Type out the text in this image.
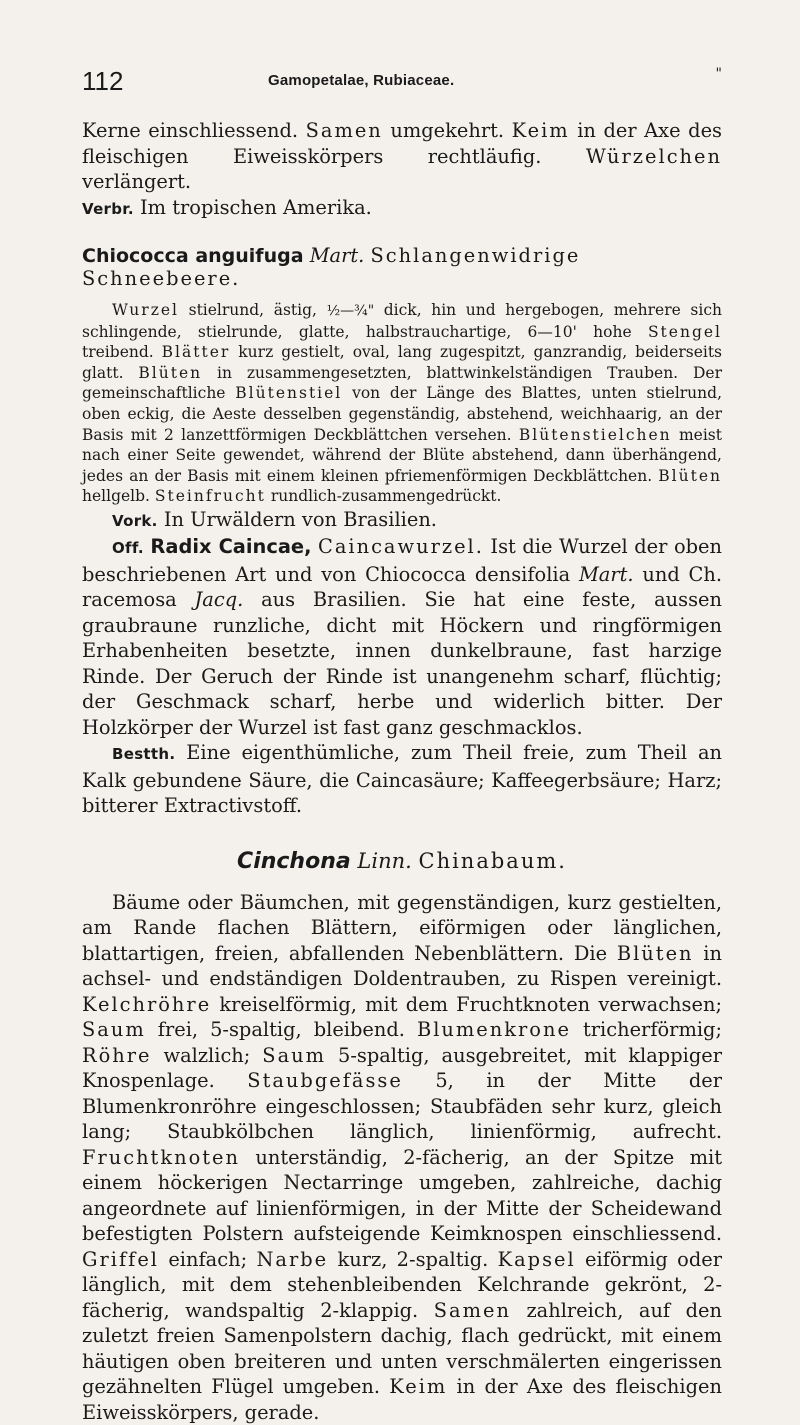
112	Gamopetalae, Rubiaceae.	"

Kerne einschliessend. Samen umgekehrt. Keim in der Axe des fleischigen Eiweisskörpers rechtläufig. Würzelchen verlängert.

Verbr. Im tropischen Amerika.

Chiococca anguifuga Mart. Schlangenwidrige Schneebeere.

Wurzel stielrund, ästig, ½—¾" dick, hin und hergebogen, mehrere sich schlingende, stielrunde, glatte, halbstrauchartige, 6—10' hohe Stengel treibend. Blätter kurz gestielt, oval, lang zugespitzt, ganzrandig, beiderseits glatt. Blüten in zusammengesetzten, blattwinkelständigen Trauben. Der gemeinschaftliche Blütenstiel von der Länge des Blattes, unten stielrund, oben eckig, die Aeste desselben gegenständig, abstehend, weichhaarig, an der Basis mit 2 lanzettförmigen Deckblättchen versehen. Blütenstielchen meist nach einer Seite gewendet, während der Blüte abstehend, dann überhängend, jedes an der Basis mit einem kleinen pfriemenförmigen Deckblättchen. Blüten hellgelb. Steinfrucht rundlich-zusammengedrückt.

Vork. In Urwäldern von Brasilien.

Off. Radix Caincae, Caincawurzel. Ist die Wurzel der oben beschriebenen Art und von Chiococca densifolia Mart. und Ch. racemosa Jacq. aus Brasilien. Sie hat eine feste, aussen graubraune runzliche, dicht mit Höckern und ringförmigen Erhabenheiten besetzte, innen dunkelbraune, fast harzige Rinde. Der Geruch der Rinde ist unangenehm scharf, flüchtig; der Geschmack scharf, herbe und widerlich bitter. Der Holzkörper der Wurzel ist fast ganz geschmacklos.

Bestth. Eine eigenthümliche, zum Theil freie, zum Theil an Kalk gebundene Säure, die Caincasäure; Kaffeegerbsäure; Harz; bitterer Extractivstoff.

Cinchona Linn. Chinabaum.

Bäume oder Bäumchen, mit gegenständigen, kurz gestielten, am Rande flachen Blättern, eiförmigen oder länglichen, blattartigen, freien, abfallenden Nebenblättern. Die Blüten in achsel- und endständigen Doldentrauben, zu Rispen vereinigt. Kelchröhre kreiselförmig, mit dem Fruchtknoten verwachsen; Saum frei, 5-spaltig, bleibend. Blumenkrone tricherförmig; Röhre walzlich; Saum 5-spaltig, ausgebreitet, mit klappiger Knospenlage. Staubgefässe 5, in der Mitte der Blumenkronröhre eingeschlossen; Staubfäden sehr kurz, gleich lang; Staubkölbchen länglich, linienförmig, aufrecht. Fruchtknoten unterständig, 2-fächerig, an der Spitze mit einem höckerigen Nectarringe umgeben, zahlreiche, dachig angeordnete auf linienförmigen, in der Mitte der Scheidewand befestigten Polstern aufsteigende Keimknospen einschliessend. Griffel einfach; Narbe kurz, 2-spaltig. Kapsel eiförmig oder länglich, mit dem stehenbleibenden Kelchrande gekrönt, 2-fächerig, wandspaltig 2-klappig. Samen zahlreich, auf den zuletzt freien Samenpolstern dachig, flach gedrückt, mit einem häutigen oben breiteren und unten verschmälerten eingerissen gezähnelten Flügel umgeben. Keim in der Axe des fleischigen Eiweisskörpers, gerade.
